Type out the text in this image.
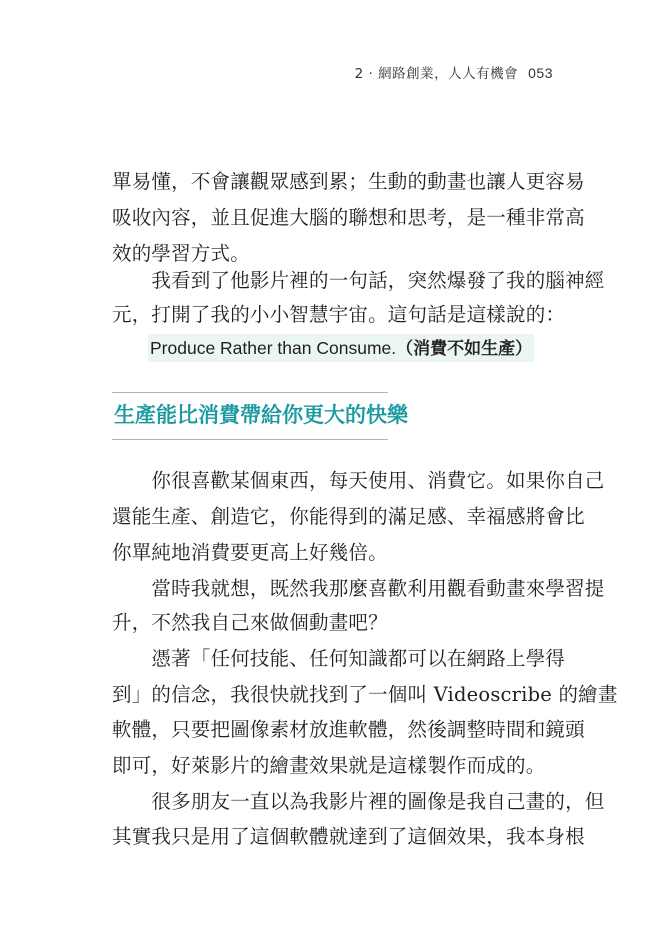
2 · 網路創業，人人有機會 053

單易懂，不會讓觀眾感到累；生動的動畫也讓人更容易

吸收內容，並且促進大腦的聯想和思考，是一種非常高

效的學習方式。

　　我看到了他影片裡的一句話，突然爆發了我的腦神經

元，打開了我的小小智慧宇宙。這句話是這樣說的：

Produce Rather than Consume.（消費不如生產）
生產能比消費帶給你更大的快樂

　　你很喜歡某個東西，每天使用、消費它。如果你自己

還能生產、創造它，你能得到的滿足感、幸福感將會比

你單純地消費要更高上好幾倍。

　　當時我就想，既然我那麼喜歡利用觀看動畫來學習提

升，不然我自己來做個動畫吧？

　　憑著「任何技能、任何知識都可以在網路上學得

到」的信念，我很快就找到了一個叫 Videoscribe 的繪畫

軟體，只要把圖像素材放進軟體，然後調整時間和鏡頭

即可，好萊影片的繪畫效果就是這樣製作而成的。

　　很多朋友一直以為我影片裡的圖像是我自己畫的，但

其實我只是用了這個軟體就達到了這個效果，我本身根
